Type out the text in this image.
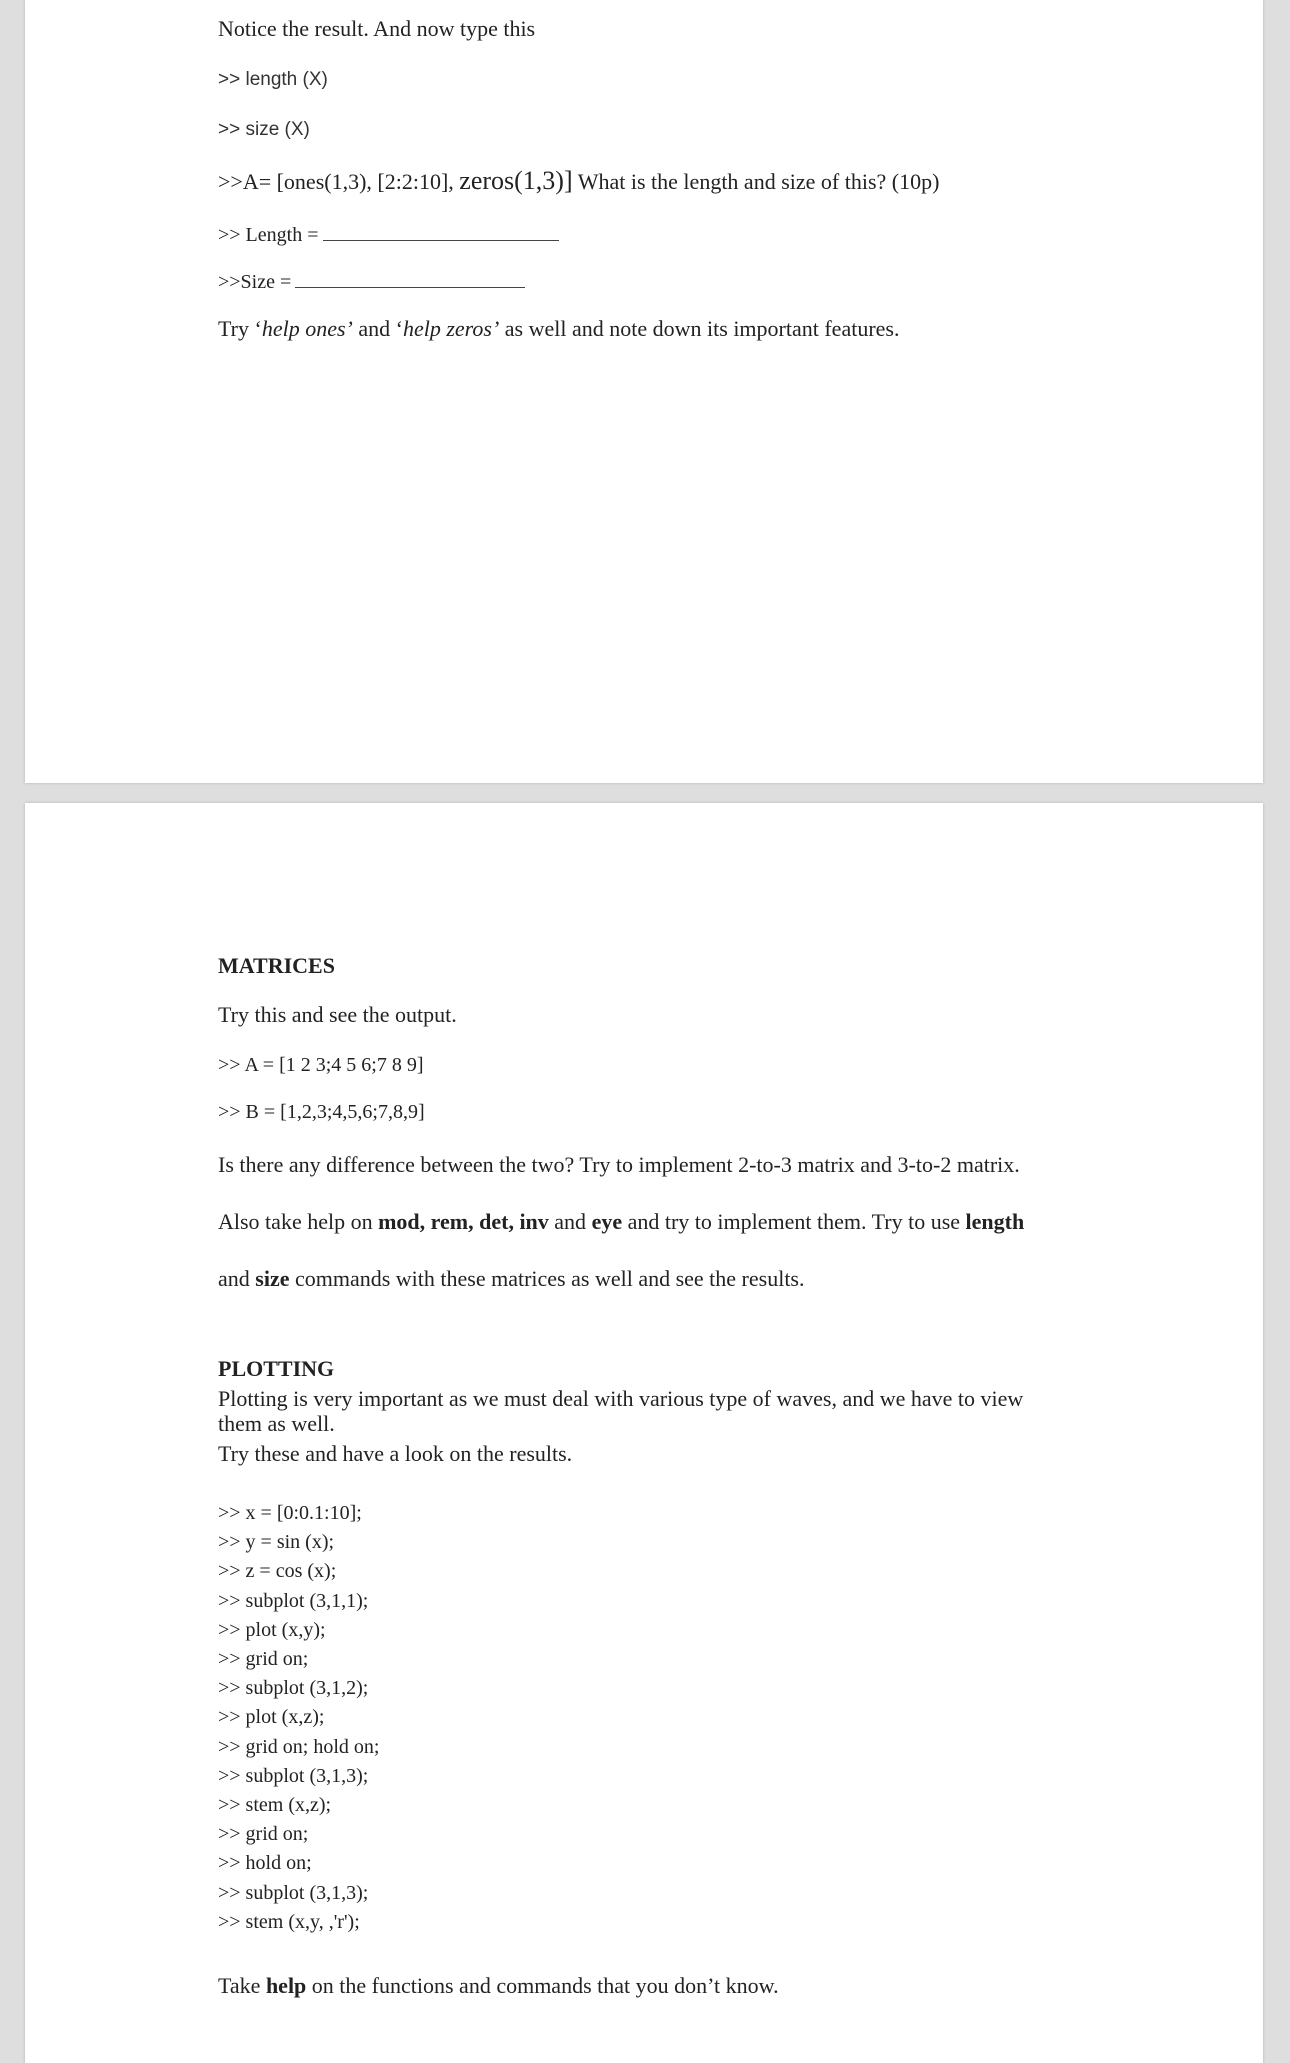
Notice the result. And now type this
>> length (X)
>> size (X)
>>A= [ones(1,3), [2:2:10], zeros(1,3)] What is the length and size of this? (10p)
>> Length =
>>Size =
Try ‘help ones’ and ‘help zeros’ as well and note down its important features.
MATRICES
Try this and see the output.
>> A = [1 2 3;4 5 6;7 8 9]
>> B = [1,2,3;4,5,6;7,8,9]
Is there any difference between the two? Try to implement 2-to-3 matrix and 3-to-2 matrix.
Also take help on mod, rem, det, inv and eye and try to implement them. Try to use length
and size commands with these matrices as well and see the results.
PLOTTING
Plotting is very important as we must deal with various type of waves, and we have to view
them as well.
Try these and have a look on the results.
>> x = [0:0.1:10];
>> y = sin (x);
>> z = cos (x);
>> subplot (3,1,1);
>> plot (x,y);
>> grid on;
>> subplot (3,1,2);
>> plot (x,z);
>> grid on; hold on;
>> subplot (3,1,3);
>> stem (x,z);
>> grid on;
>> hold on;
>> subplot (3,1,3);
>> stem (x,y, ,'r');
Take help on the functions and commands that you don’t know.
